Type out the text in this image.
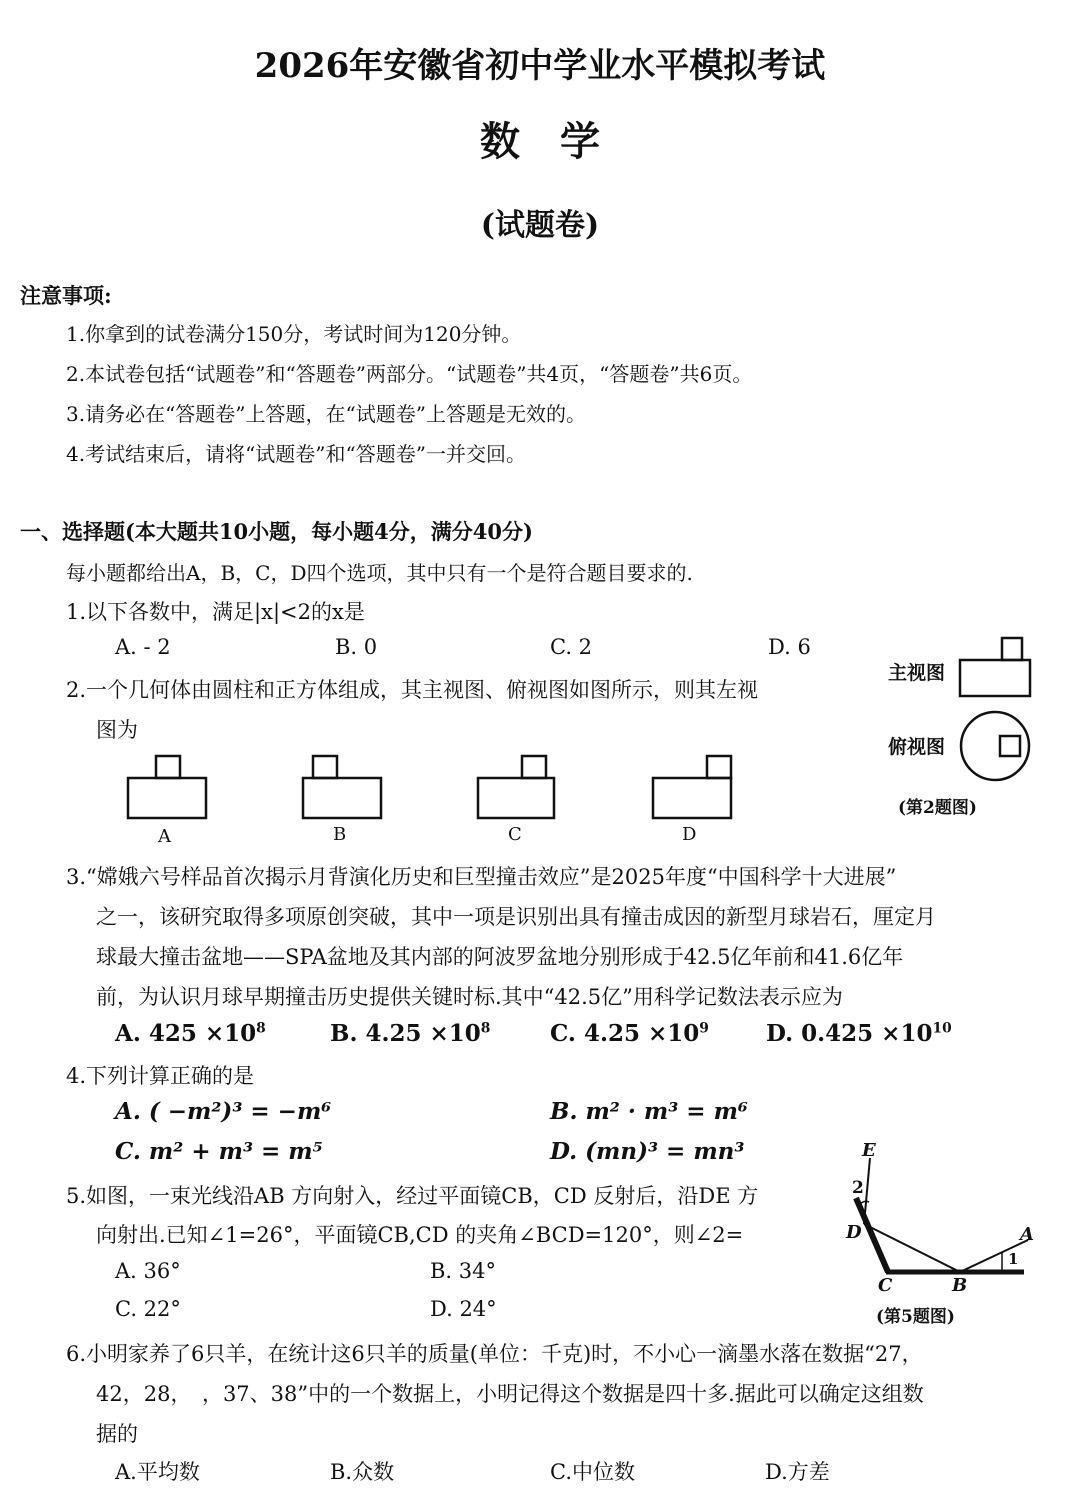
2026年安徽省初中学业水平模拟考试
数　学
(试题卷)
注意事项:
1.你拿到的试卷满分150分，考试时间为120分钟。
2.本试卷包括“试题卷”和“答题卷”两部分。“试题卷”共4页，“答题卷”共6页。
3.请务必在“答题卷”上答题，在“试题卷”上答题是无效的。
4.考试结束后，请将“试题卷”和“答题卷”一并交回。
一、选择题(本大题共10小题，每小题4分，满分40分)
每小题都给出A，B，C，D四个选项，其中只有一个是符合题目要求的.
1.以下各数中，满足|x|<2的x是
A. - 2	B. 0	C. 2	D. 6
2.一个几何体由圆柱和正方体组成，其主视图、俯视图如图所示，则其左视
图为
A	B	C	D
主视图
俯视图
(第2题图)
3.“嫦娥六号样品首次揭示月背演化历史和巨型撞击效应”是2025年度“中国科学十大进展”
之一，该研究取得多项原创突破，其中一项是识别出具有撞击成因的新型月球岩石，厘定月
球最大撞击盆地——SPA盆地及其内部的阿波罗盆地分别形成于42.5亿年前和41.6亿年
前，为认识月球早期撞击历史提供关键时标.其中“42.5亿”用科学记数法表示应为
A. $425 \times 10^8$	B. $4.25 \times 10^8$	C. $4.25 \times 10^9$ D. $0.425 \times 10^{10}$
4.下列计算正确的是
A. ( −m²)³ = −m⁶	B. m² · m³ = m⁶
C. m² + m³ = m⁵	D. (mn)³ = mn³
5.如图，一束光线沿AB 方向射入，经过平面镜CB，CD 反射后，沿DE 方
向射出.已知∠1=26°，平面镜CB,CD 的夹角∠BCD=120°，则∠2=
A. 36°	B. 34°
C. 22°	D. 24°
E
2
D	A
1
C	B
(第5题图)
6.小明家养了6只羊，在统计这6只羊的质量(单位：千克)时，不小心一滴墨水落在数据“27，
42，28，　，37、38”中的一个数据上，小明记得这个数据是四十多.据此可以确定这组数
据的
A.平均数	B.众数	C.中位数	D.方差
